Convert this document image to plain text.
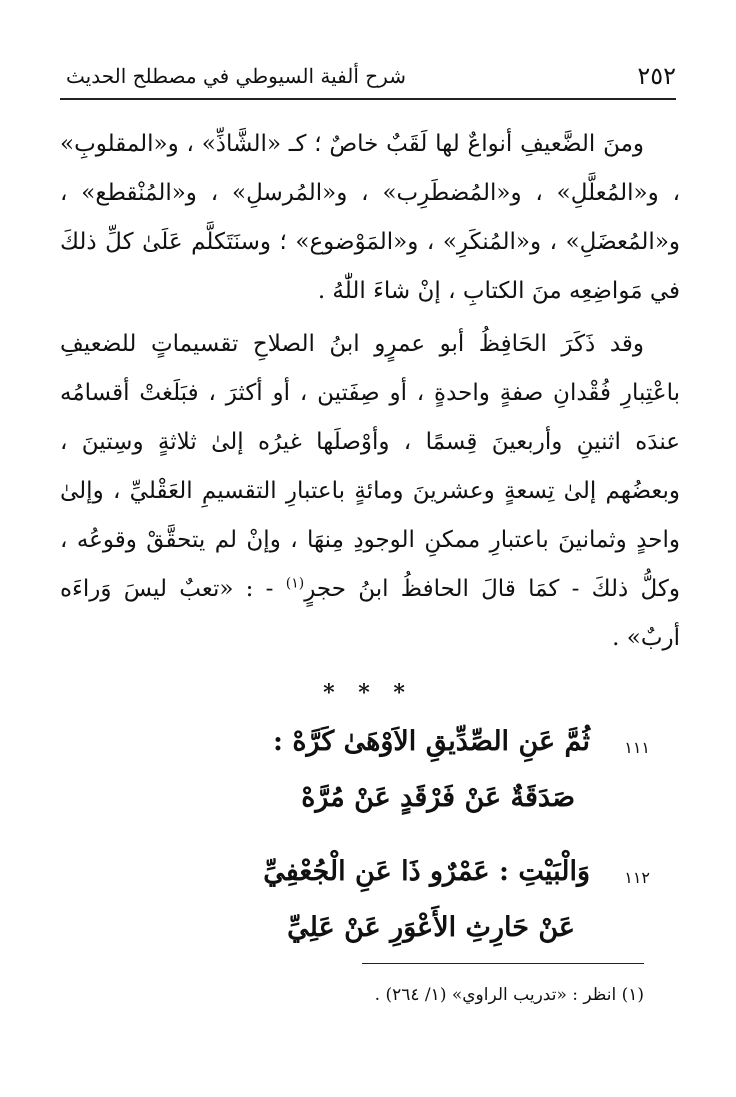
٢٥٢
شرح ألفية السيوطي في مصطلح الحديث

ومنَ الضَّعيفِ أنواعٌ لها لَقَبٌ خاصٌ ؛ كـ «الشَّاذِّ» ، و«المقلوبِ» ، و«المُعلَّلِ» ، و«المُضطَرِب» ، و«المُرسلِ» ، و«المُنْقطع» ، و«المُعضَلِ» ، و«المُنكَرِ» ، و«المَوْضوع» ؛ وسنَتَكلَّم عَلَىٰ كلِّ ذلكَ في مَواضِعِه منَ الكتابِ ، إنْ شاءَ اللّٰهُ .

وقد ذَكَرَ الحَافِظُ أبو عمرٍو ابنُ الصلاحِ تقسيماتٍ للضعيفِ باعْتِبارِ فُقْدانِ صفةٍ واحدةٍ ، أو صِفَتين ، أو أكثرَ ، فبَلَغتْ أقسامُه عندَه اثنينِ وأربعينَ قِسمًا ، وأوْصلَها غيرُه إلىٰ ثلاثةٍ وسِتينَ ، وبعضُهم إلىٰ تِسعةٍ وعشرينَ ومائةٍ باعتبارِ التقسيمِ العَقْليِّ ، وإلىٰ واحدٍ وثمانينَ باعتبارِ ممكنِ الوجودِ مِنهَا ، وإنْ لم يتحقَّقْ وقوعُه ، وكلُّ ذلكَ - كمَا قالَ الحافظُ ابنُ حجرٍ$^{(١)}$ - : «تعبٌ ليسَ وَراءَه أربٌ» .

* * *
١١١
ثُمَّ عَنِ الصِّدِّيقِ الاَوْهَىٰ كَرَّهْ :
صَدَقَةٌ عَنْ فَرْقَدٍ عَنْ مُرَّهْ
١١٢
وَالْبَيْتِ : عَمْرٌو ذَا عَنِ الْجُعْفِيِّ
عَنْ حَارِثِ الأَعْوَرِ عَنْ عَلِيِّ
(١) انظر : «تدريب الراوي» (١/ ٢٦٤) .
